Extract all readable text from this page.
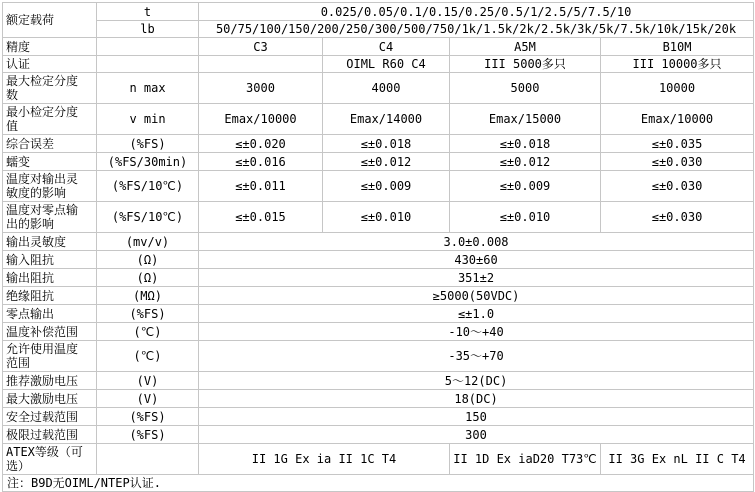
额定载荷	t	0.025/0.05/0.1/0.15/0.25/0.5/1/2.5/5/7.5/10			
	lb	50/75/100/150/200/250/300/500/750/1k/1.5k/2k/2.5k/3k/5k/7.5k/10k/15k/20k			
精度		C3	C4	A5M	B10M
认证			OIML R60 C4	III 5000多只	III 10000多只
最大检定分度数	n max	3000	4000	5000	10000
最小检定分度值	v min	Emax/10000	Emax/14000	Emax/15000	Emax/10000
综合误差	(%FS)	≤±0.020	≤±0.018	≤±0.018	≤±0.035
蠕变	(%FS/30min)	≤±0.016	≤±0.012	≤±0.012	≤±0.030
温度对输出灵敏度的影响	(%FS/10℃)	≤±0.011	≤±0.009	≤±0.009	≤±0.030
温度对零点输出的影响	(%FS/10℃)	≤±0.015	≤±0.010	≤±0.010	≤±0.030
输出灵敏度	(mv/v)	3.0±0.008			
输入阻抗	(Ω)	430±60			
输出阻抗	(Ω)	351±2			
绝缘阻抗	(MΩ)	≥5000(50VDC)			
零点输出	(%FS)	≤±1.0			
温度补偿范围	(℃)	-10～+40			
允许使用温度范围	(℃)	-35～+70			
推荐激励电压	(V)	5～12(DC)			
最大激励电压	(V)	18(DC)			
安全过载范围	(%FS)	150			
极限过载范围	(%FS)	300			
ATEX等级（可选）		II 1G Ex ia II 1C T4		II 1D Ex iaD20 T73℃	II 3G Ex nL II C T4
注：B9D无OIML/NTEP认证.					
